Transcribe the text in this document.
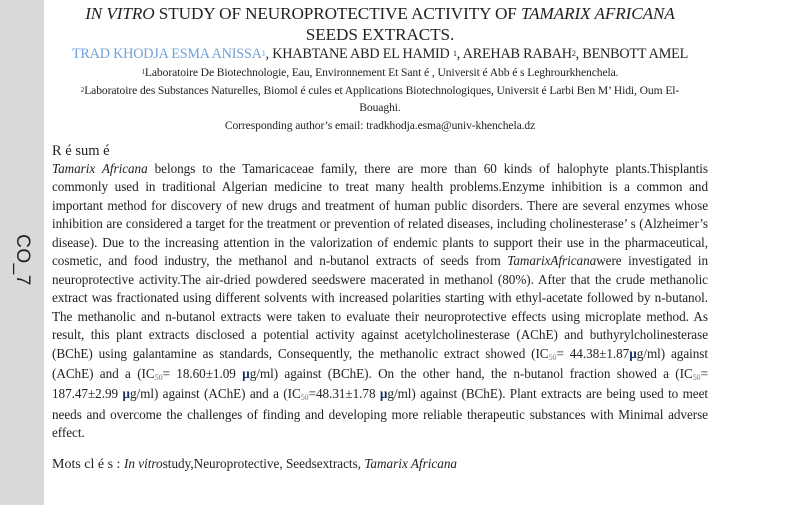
CO_7
IN VITRO STUDY OF NEUROPROTECTIVE ACTIVITY OF TAMARIX AFRICANA
SEEDS EXTRACTS.
TRAD KHODJA ESMA ANISSA$^1$, KHABTANE ABD EL HAMID $^1$, AREHAB RABAH$^2$, BENBOTT AMEL
$^1$Laboratoire De Biotechnologie, Eau, Environnement Et Sant é , Universit é Abb é s Leghrourkhenchela.
$^2$Laboratoire des Substances Naturelles, Biomol é cules et Applications Biotechnologiques, Universit é Larbi Ben M’ Hidi, Oum El-Bouaghi.
Corresponding author’s email: tradkhodja.esma@univ-khenchela.dz
R é sum é
Tamarix Africana belongs to the Tamaricaceae family, there are more than 60 kinds of halophyte plants.Thisplantis commonly used in traditional Algerian medicine to treat many health problems.Enzyme inhibition is a common and important method for discovery of new drugs and treatment of human public disorders. There are several enzymes whose inhibition are considered a target for the treatment or prevention of related diseases, including cholinesterase’ s (Alzheimer’s disease). Due to the increasing attention in the valorization of endemic plants to support their use in the pharmaceutical, cosmetic, and food industry, the methanol and n-butanol extracts of seeds from TamarixAfricanawere investigated in neuroprotective activity.The air-dried powdered seedswere macerated in methanol (80%). After that the crude methanolic extract was fractionated using different solvents with increased polarities starting with ethyl-acetate followed by n-butanol. The methanolic and n-butanol extracts were taken to evaluate their neuroprotective effects using microplate method. As result, this plant extracts disclosed a potential activity against acetylcholinesterase (AChE) and buthyrylcholinesterase (BChE) using galantamine as standards, Consequently, the methanolic extract showed $(IC_{50}= 44.38\pm 1.87\mu g/ml)$ against (AChE) and a ($IC_{50}= 18.60\pm 1.09$ µg/ml) against (BChE). On the other hand, the n-butanol fraction showed a ($IC_{50}= 187.47\pm 2.99$ µg/ml) against (AChE) and a ($IC_{50}=48.31\pm 1.78$ µg/ml) against (BChE). Plant extracts are being used to meet needs and overcome the challenges of finding and developing more reliable therapeutic substances with Minimal adverse effect.
Mots cl é s : In vitrostudy,Neuroprotective, Seedsextracts, Tamarix Africana
